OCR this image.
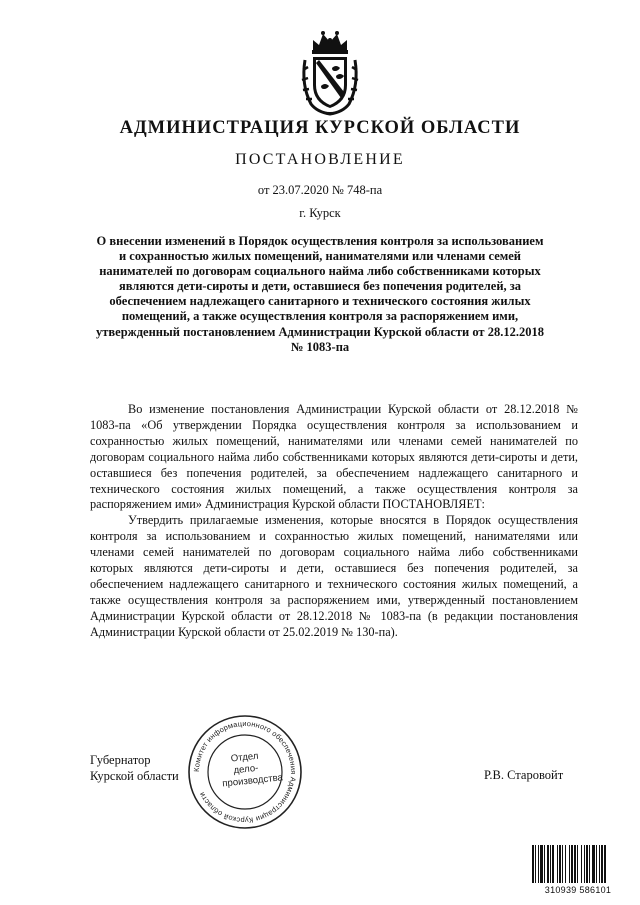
АДМИНИСТРАЦИЯ КУРСКОЙ ОБЛАСТИ
ПОСТАНОВЛЕНИЕ
от 23.07.2020 № 748-па
г. Курск
О внесении изменений в Порядок осуществления контроля за использованием и сохранностью жилых помещений, нанимателями или членами семей нанимателей по договорам социального найма либо собственниками которых являются дети-сироты и дети, оставшиеся без попечения родителей, за обеспечением надлежащего санитарного и технического состояния жилых помещений, а также осуществления контроля за распоряжением ими, утвержденный постановлением Администрации Курской области от 28.12.2018 № 1083-па

Во изменение постановления Администрации Курской области от 28.12.2018 № 1083-па «Об утверждении Порядка осуществления контроля за использованием и сохранностью жилых помещений, нанимателями или членами семей нанимателей по договорам социального найма либо собственниками которых являются дети-сироты и дети, оставшиеся без попечения родителей, за обеспечением надлежащего санитарного и технического состояния жилых помещений, а также осуществления контроля за распоряжением ими» Администрация Курской области ПОСТАНОВЛЯЕТ:

Утвердить прилагаемые изменения, которые вносятся в Порядок осуществления контроля за использованием и сохранностью жилых помещений, нанимателями или членами семей нанимателей по договорам социального найма либо собственниками которых являются дети-сироты и дети, оставшиеся без попечения родителей, за обеспечением надлежащего санитарного и технического состояния жилых помещений, а также осуществления контроля за распоряжением ими, утвержденный постановлением Администрации Курской области от 28.12.2018 № 1083-па (в редакции постановления Администрации Курской области от 25.02.2019 № 130-па).

Губернатор
Курской области Комитет информационного обеспечения Администрации Курской области
Отдел
дело-
производства	Р.В. Старовойт
310939 586101
